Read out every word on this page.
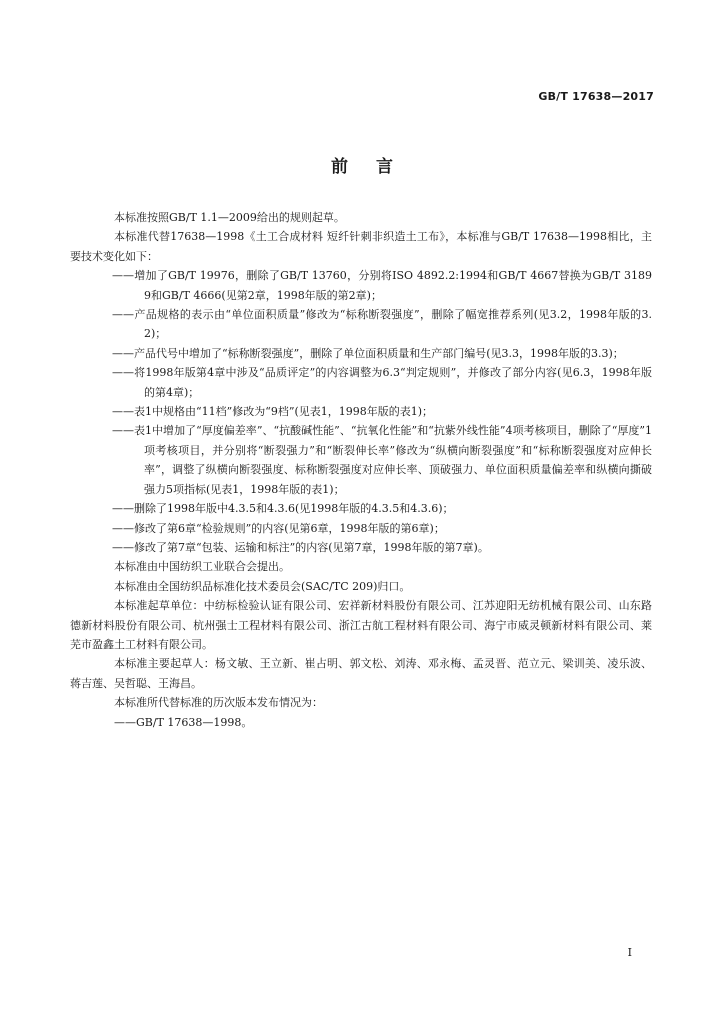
GB/T 17638—2017
前言

本标准按照GB/T 1.1—2009给出的规则起草。

本标准代替17638—1998《土工合成材料 短纤针刺非织造土工布》，本标准与GB/T 17638—1998相比，主要技术变化如下：

——增加了GB/T 19976，删除了GB/T 13760，分别将ISO 4892.2:1994和GB/T 4667替换为GB/T 31899和GB/T 4666(见第2章，1998年版的第2章)；

——产品规格的表示由“单位面积质量”修改为“标称断裂强度”，删除了幅宽推荐系列(见3.2，1998年版的3.2)；

——产品代号中增加了“标称断裂强度”，删除了单位面积质量和生产部门编号(见3.3，1998年版的3.3)；

——将1998年版第4章中涉及“品质评定”的内容调整为6.3“判定规则”，并修改了部分内容(见6.3，1998年版的第4章)；

——表1中规格由“11档”修改为“9档”(见表1，1998年版的表1)；

——表1中增加了“厚度偏差率”、“抗酸碱性能”、“抗氧化性能”和“抗紫外线性能”4项考核项目，删除了“厚度”1项考核项目，并分别将“断裂强力”和“断裂伸长率”修改为“纵横向断裂强度”和“标称断裂强度对应伸长率”，调整了纵横向断裂强度、标称断裂强度对应伸长率、顶破强力、单位面积质量偏差率和纵横向撕破强力5项指标(见表1，1998年版的表1)；

——删除了1998年版中4.3.5和4.3.6(见1998年版的4.3.5和4.3.6)；

——修改了第6章“检验规则”的内容(见第6章，1998年版的第6章)；

——修改了第7章“包装、运输和标注”的内容(见第7章，1998年版的第7章)。

本标准由中国纺织工业联合会提出。

本标准由全国纺织品标准化技术委员会(SAC/TC 209)归口。

本标准起草单位：中纺标检验认证有限公司、宏祥新材料股份有限公司、江苏迎阳无纺机械有限公司、山东路德新材料股份有限公司、杭州强士工程材料有限公司、浙江古航工程材料有限公司、海宁市威灵顿新材料有限公司、莱芜市盈鑫土工材料有限公司。

本标准主要起草人：杨文敏、王立新、崔占明、郭文松、刘涛、邓永梅、孟灵晋、范立元、梁训美、凌乐波、蒋吉莲、吴哲聪、王海昌。

本标准所代替标准的历次版本发布情况为：

——GB/T 17638—1998。

I
